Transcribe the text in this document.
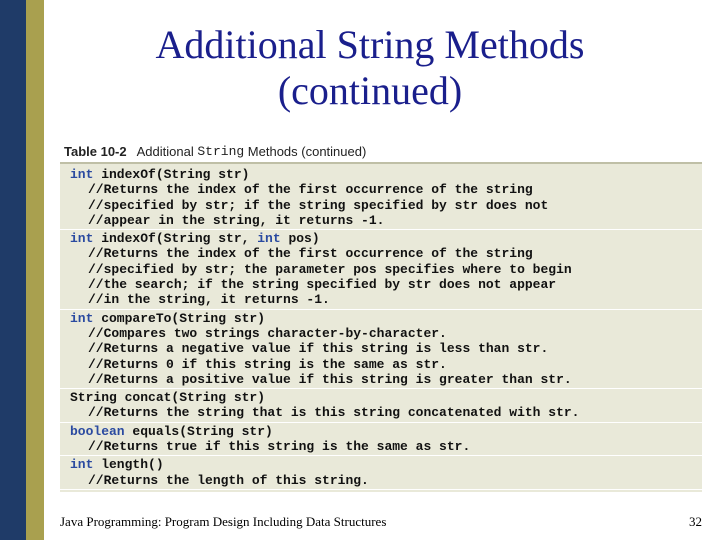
Additional String Methods
(continued)
Table 10-2 Additional
String
Methods (continued)
int indexOf(String str)
//Returns the index of the first occurrence of the string
//specified by str; if the string specified by str does not
//appear in the string, it returns -1.
int indexOf(String str, int pos)
//Returns the index of the first occurrence of the string
//specified by str; the parameter pos specifies where to begin
//the search; if the string specified by str does not appear
//in the string, it returns -1.
int compareTo(String str)
//Compares two strings character-by-character.
//Returns a negative value if this string is less than str.
//Returns 0 if this string is the same as str.
//Returns a positive value if this string is greater than str.
String concat(String str)
//Returns the string that is this string concatenated with str.
boolean equals(String str)
//Returns true if this string is the same as str.
int length()
//Returns the length of this string.
Java Programming: Program Design Including Data Structures	32
